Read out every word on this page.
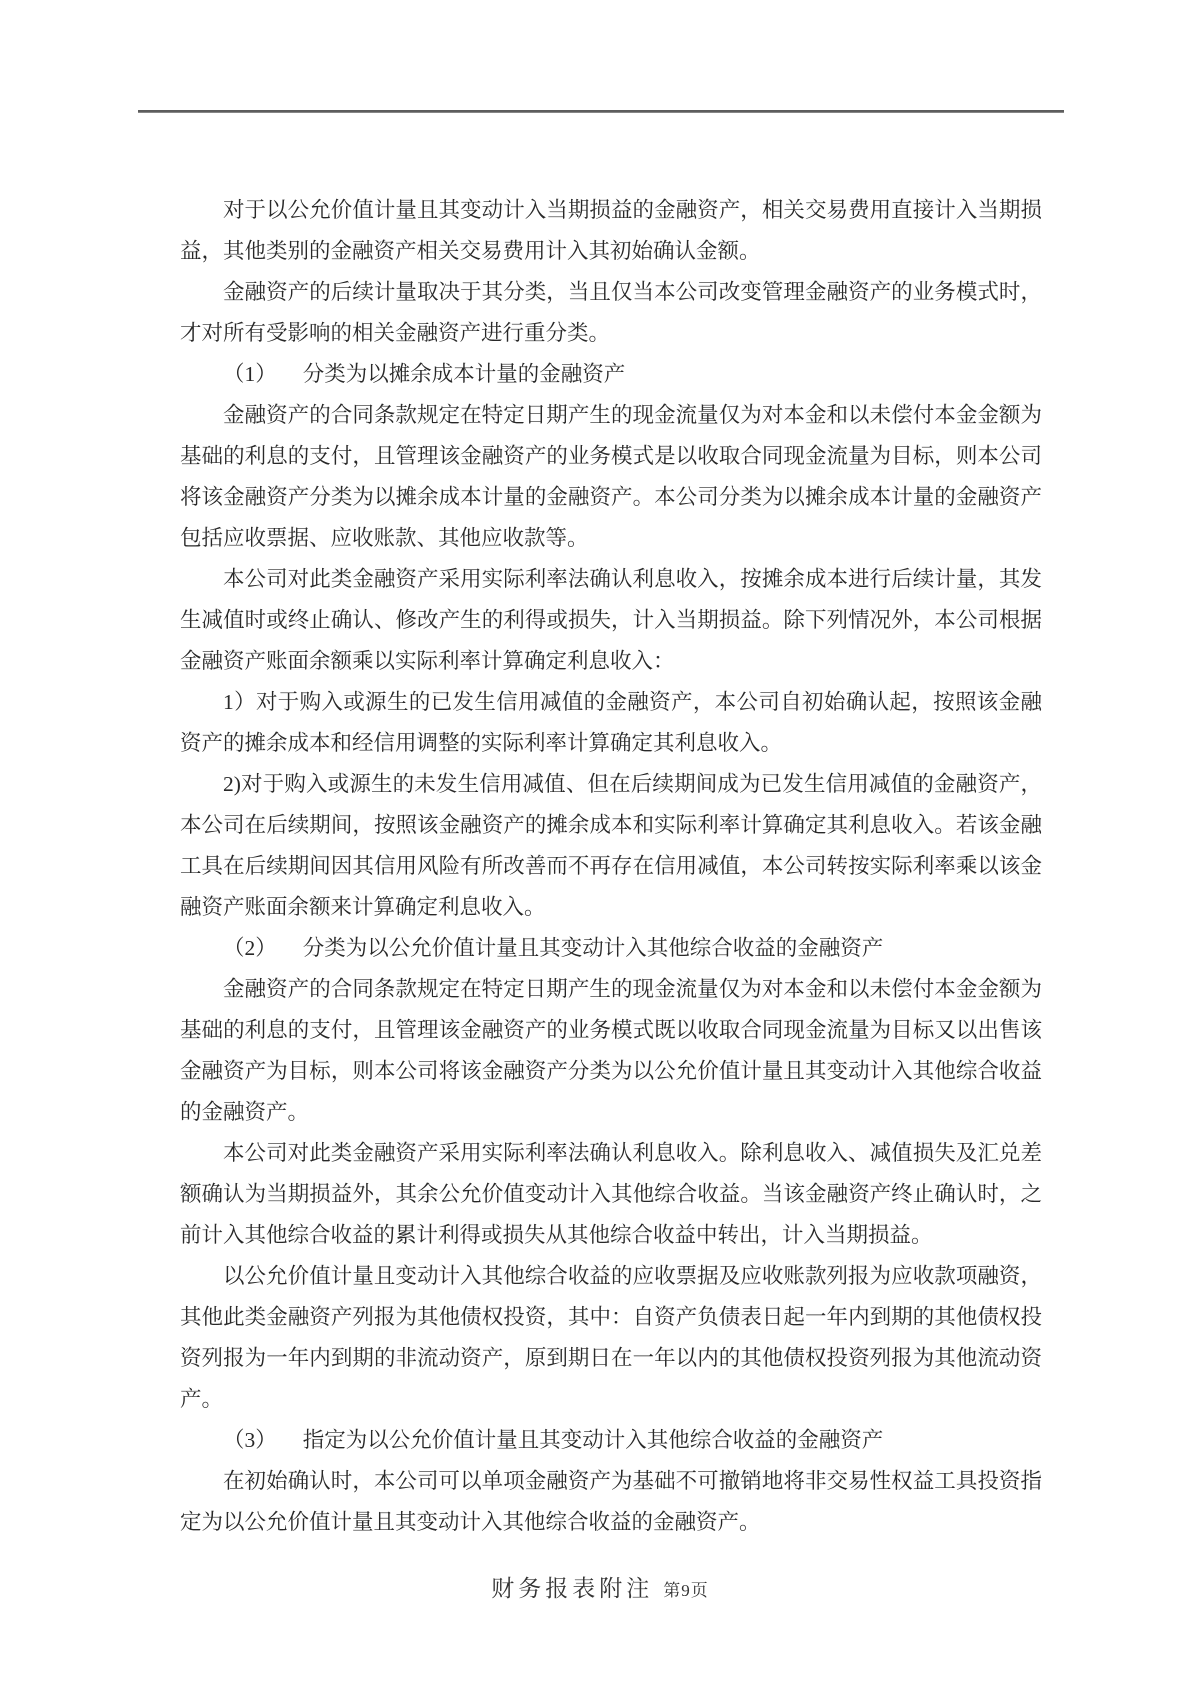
对于以公允价值计量且其变动计入当期损益的金融资产，相关交易费用直接计入当期损益，其他类别的金融资产相关交易费用计入其初始确认金额。

金融资产的后续计量取决于其分类，当且仅当本公司改变管理金融资产的业务模式时，才对所有受影响的相关金融资产进行重分类。

（1） 分类为以摊余成本计量的金融资产

金融资产的合同条款规定在特定日期产生的现金流量仅为对本金和以未偿付本金金额为基础的利息的支付，且管理该金融资产的业务模式是以收取合同现金流量为目标，则本公司将该金融资产分类为以摊余成本计量的金融资产。本公司分类为以摊余成本计量的金融资产包括应收票据、应收账款、其他应收款等。

本公司对此类金融资产采用实际利率法确认利息收入，按摊余成本进行后续计量，其发生减值时或终止确认、修改产生的利得或损失，计入当期损益。除下列情况外，本公司根据金融资产账面余额乘以实际利率计算确定利息收入：

1）对于购入或源生的已发生信用减值的金融资产，本公司自初始确认起，按照该金融资产的摊余成本和经信用调整的实际利率计算确定其利息收入。

2)对于购入或源生的未发生信用减值、但在后续期间成为已发生信用减值的金融资产，本公司在后续期间，按照该金融资产的摊余成本和实际利率计算确定其利息收入。若该金融工具在后续期间因其信用风险有所改善而不再存在信用减值，本公司转按实际利率乘以该金融资产账面余额来计算确定利息收入。

（2） 分类为以公允价值计量且其变动计入其他综合收益的金融资产

金融资产的合同条款规定在特定日期产生的现金流量仅为对本金和以未偿付本金金额为基础的利息的支付，且管理该金融资产的业务模式既以收取合同现金流量为目标又以出售该金融资产为目标，则本公司将该金融资产分类为以公允价值计量且其变动计入其他综合收益的金融资产。

本公司对此类金融资产采用实际利率法确认利息收入。除利息收入、减值损失及汇兑差额确认为当期损益外，其余公允价值变动计入其他综合收益。当该金融资产终止确认时，之前计入其他综合收益的累计利得或损失从其他综合收益中转出，计入当期损益。

以公允价值计量且变动计入其他综合收益的应收票据及应收账款列报为应收款项融资，其他此类金融资产列报为其他债权投资，其中：自资产负债表日起一年内到期的其他债权投资列报为一年内到期的非流动资产，原到期日在一年以内的其他债权投资列报为其他流动资产。

（3） 指定为以公允价值计量且其变动计入其他综合收益的金融资产

在初始确认时，本公司可以单项金融资产为基础不可撤销地将非交易性权益工具投资指定为以公允价值计量且其变动计入其他综合收益的金融资产。

财务报表附注 第9页
